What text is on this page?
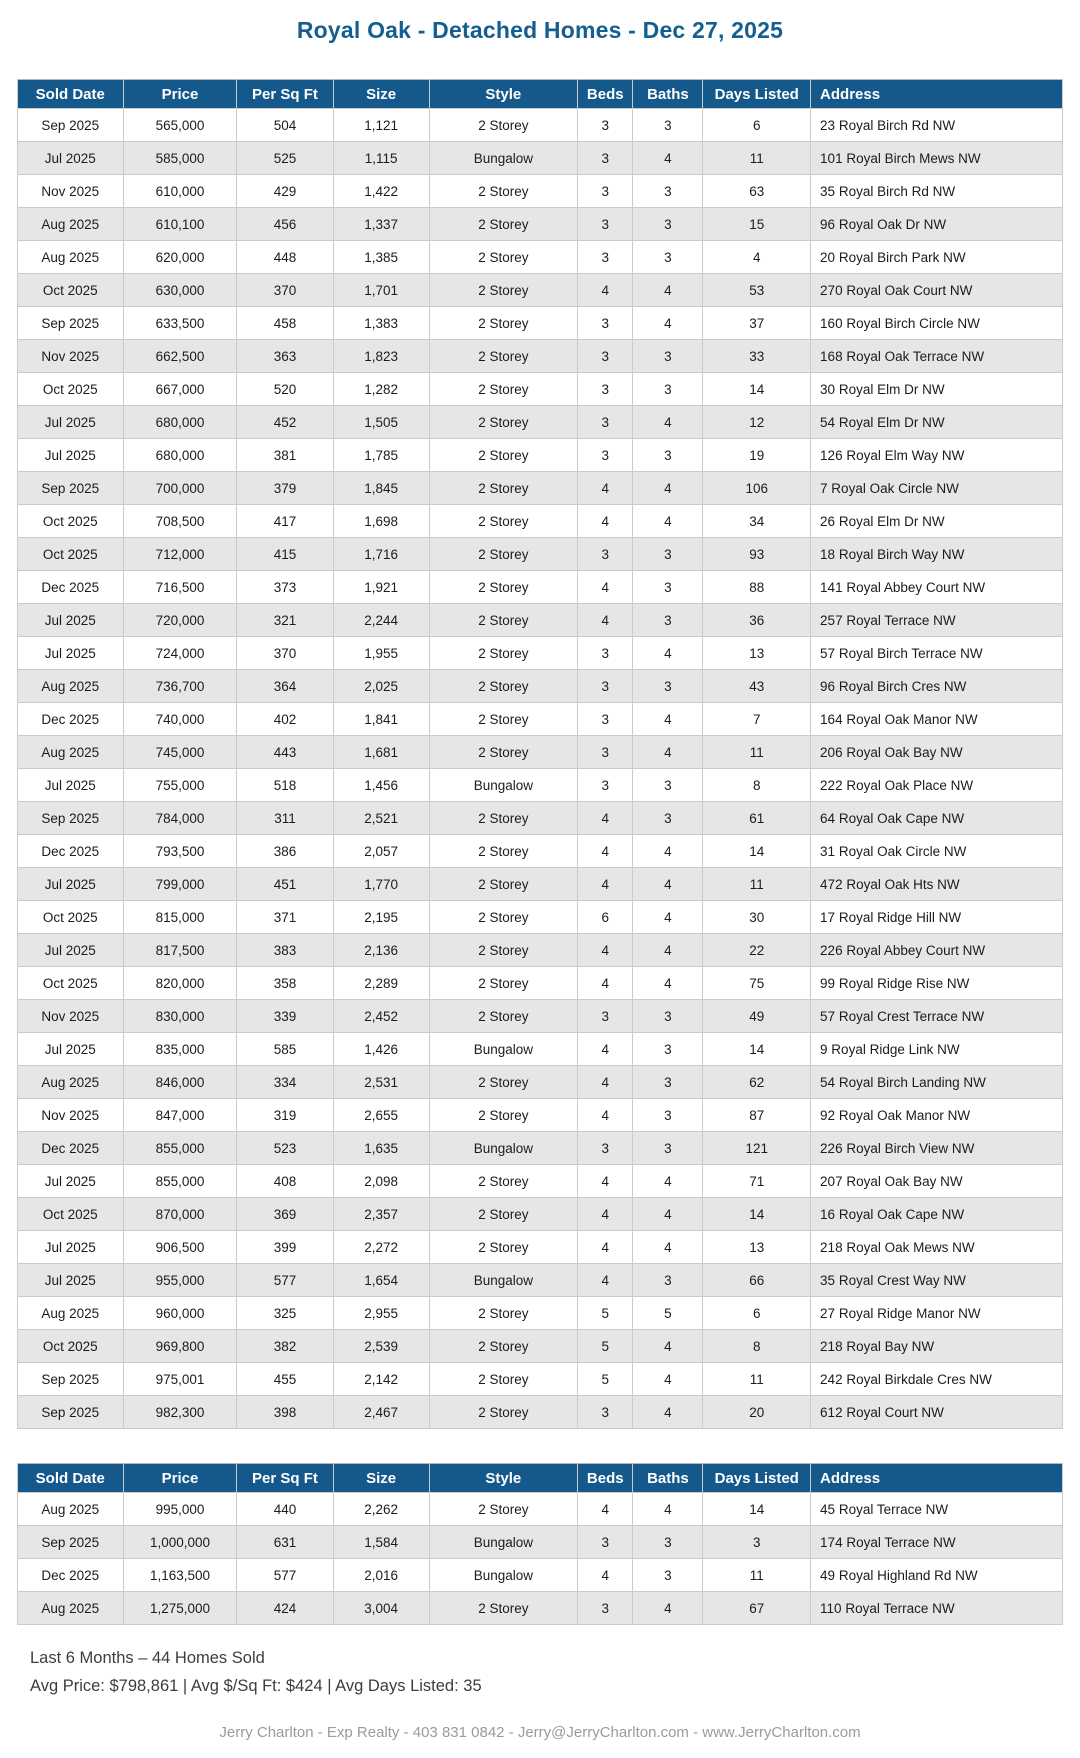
Royal Oak - Detached Homes - Dec 27, 2025
Sold Date	Price	Per Sq Ft	Size	Style	Beds	Baths	Days Listed	Address
Sep 2025	565,000	504	1,121	2 Storey	3	3	6	23 Royal Birch Rd NW
Jul 2025	585,000	525	1,115	Bungalow	3	4	11	101 Royal Birch Mews NW
Nov 2025	610,000	429	1,422	2 Storey	3	3	63	35 Royal Birch Rd NW
Aug 2025	610,100	456	1,337	2 Storey	3	3	15	96 Royal Oak Dr NW
Aug 2025	620,000	448	1,385	2 Storey	3	3	4	20 Royal Birch Park NW
Oct 2025	630,000	370	1,701	2 Storey	4	4	53	270 Royal Oak Court NW
Sep 2025	633,500	458	1,383	2 Storey	3	4	37	160 Royal Birch Circle NW
Nov 2025	662,500	363	1,823	2 Storey	3	3	33	168 Royal Oak Terrace NW
Oct 2025	667,000	520	1,282	2 Storey	3	3	14	30 Royal Elm Dr NW
Jul 2025	680,000	452	1,505	2 Storey	3	4	12	54 Royal Elm Dr NW
Jul 2025	680,000	381	1,785	2 Storey	3	3	19	126 Royal Elm Way NW
Sep 2025	700,000	379	1,845	2 Storey	4	4	106	7 Royal Oak Circle NW
Oct 2025	708,500	417	1,698	2 Storey	4	4	34	26 Royal Elm Dr NW
Oct 2025	712,000	415	1,716	2 Storey	3	3	93	18 Royal Birch Way NW
Dec 2025	716,500	373	1,921	2 Storey	4	3	88	141 Royal Abbey Court NW
Jul 2025	720,000	321	2,244	2 Storey	4	3	36	257 Royal Terrace NW
Jul 2025	724,000	370	1,955	2 Storey	3	4	13	57 Royal Birch Terrace NW
Aug 2025	736,700	364	2,025	2 Storey	3	3	43	96 Royal Birch Cres NW
Dec 2025	740,000	402	1,841	2 Storey	3	4	7	164 Royal Oak Manor NW
Aug 2025	745,000	443	1,681	2 Storey	3	4	11	206 Royal Oak Bay NW
Jul 2025	755,000	518	1,456	Bungalow	3	3	8	222 Royal Oak Place NW
Sep 2025	784,000	311	2,521	2 Storey	4	3	61	64 Royal Oak Cape NW
Dec 2025	793,500	386	2,057	2 Storey	4	4	14	31 Royal Oak Circle NW
Jul 2025	799,000	451	1,770	2 Storey	4	4	11	472 Royal Oak Hts NW
Oct 2025	815,000	371	2,195	2 Storey	6	4	30	17 Royal Ridge Hill NW
Jul 2025	817,500	383	2,136	2 Storey	4	4	22	226 Royal Abbey Court NW
Oct 2025	820,000	358	2,289	2 Storey	4	4	75	99 Royal Ridge Rise NW
Nov 2025	830,000	339	2,452	2 Storey	3	3	49	57 Royal Crest Terrace NW
Jul 2025	835,000	585	1,426	Bungalow	4	3	14	9 Royal Ridge Link NW
Aug 2025	846,000	334	2,531	2 Storey	4	3	62	54 Royal Birch Landing NW
Nov 2025	847,000	319	2,655	2 Storey	4	3	87	92 Royal Oak Manor NW
Dec 2025	855,000	523	1,635	Bungalow	3	3	121	226 Royal Birch View NW
Jul 2025	855,000	408	2,098	2 Storey	4	4	71	207 Royal Oak Bay NW
Oct 2025	870,000	369	2,357	2 Storey	4	4	14	16 Royal Oak Cape NW
Jul 2025	906,500	399	2,272	2 Storey	4	4	13	218 Royal Oak Mews NW
Jul 2025	955,000	577	1,654	Bungalow	4	3	66	35 Royal Crest Way NW
Aug 2025	960,000	325	2,955	2 Storey	5	5	6	27 Royal Ridge Manor NW
Oct 2025	969,800	382	2,539	2 Storey	5	4	8	218 Royal Bay NW
Sep 2025	975,001	455	2,142	2 Storey	5	4	11	242 Royal Birkdale Cres NW
Sep 2025	982,300	398	2,467	2 Storey	3	4	20	612 Royal Court NW
Sold Date	Price	Per Sq Ft	Size	Style	Beds	Baths	Days Listed	Address
Aug 2025	995,000	440	2,262	2 Storey	4	4	14	45 Royal Terrace NW
Sep 2025	1,000,000	631	1,584	Bungalow	3	3	3	174 Royal Terrace NW
Dec 2025	1,163,500	577	2,016	Bungalow	4	3	11	49 Royal Highland Rd NW
Aug 2025	1,275,000	424	3,004	2 Storey	3	4	67	110 Royal Terrace NW

Last 6 Months – 44 Homes Sold

Avg Price: $798,861 | Avg $/Sq Ft: $424 | Avg Days Listed: 35

Jerry Charlton - Exp Realty - 403 831 0842 - Jerry@JerryCharlton.com - www.JerryCharlton.com
